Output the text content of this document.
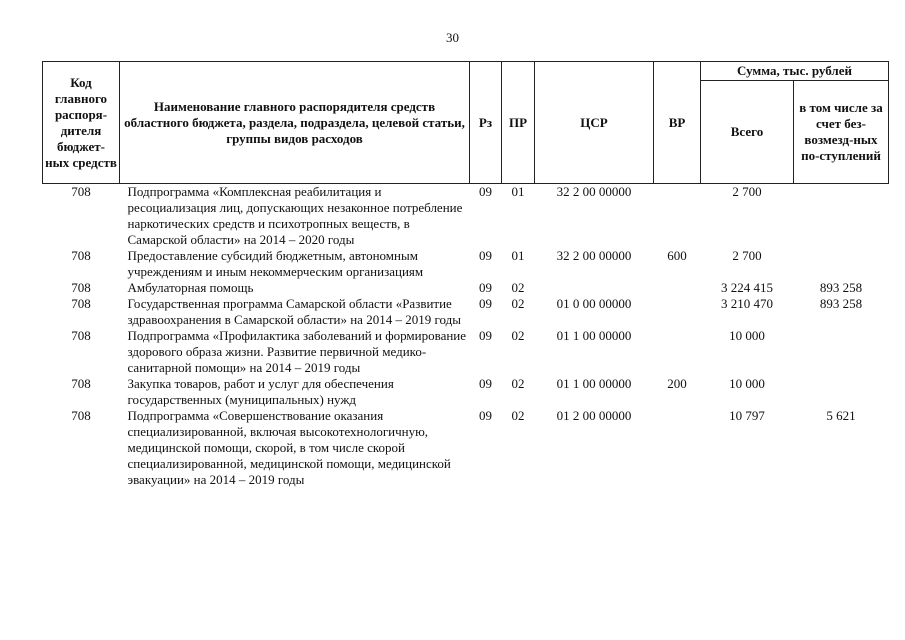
30
Код главного распоря-дителя бюджет-ных средств	Наименование главного распорядителя средств областного бюджета, раздела, подраздела, целевой статьи, группы видов расходов	Рз	ПР	ЦСР	ВР	Сумма, тыс. рублей	
						Всего	в том числе за счет без-возмезд-ных по-ступлений
708	Подпрограмма «Комплексная реабилитация и ресоциализация лиц, допускающих незаконное потребление наркотических средств и психотропных веществ, в Самарской области» на 2014 – 2020 годы	09	01	32 2 00 00000		2 700	
708	Предоставление субсидий бюджетным, автономным учреждениям и иным некоммерческим организациям	09	01	32 2 00 00000	600	2 700	
708	Амбулаторная помощь	09	02			3 224 415	893 258
708	Государственная программа Самарской области «Развитие здравоохранения в Самарской области» на 2014 – 2019 годы	09	02	01 0 00 00000		3 210 470	893 258
708	Подпрограмма «Профилактика заболеваний и формирование здорового образа жизни. Развитие первичной медико-санитарной помощи» на 2014 – 2019 годы	09	02	01 1 00 00000		10 000	
708	Закупка товаров, работ и услуг для обеспечения государственных (муниципальных) нужд	09	02	01 1 00 00000	200	10 000	
708	Подпрограмма «Совершенствование оказания специализированной, включая высокотехнологичную, медицинской помощи, скорой, в том числе скорой специализированной, медицинской помощи, медицинской эвакуации» на 2014 – 2019 годы	09	02	01 2 00 00000		10 797	5 621
